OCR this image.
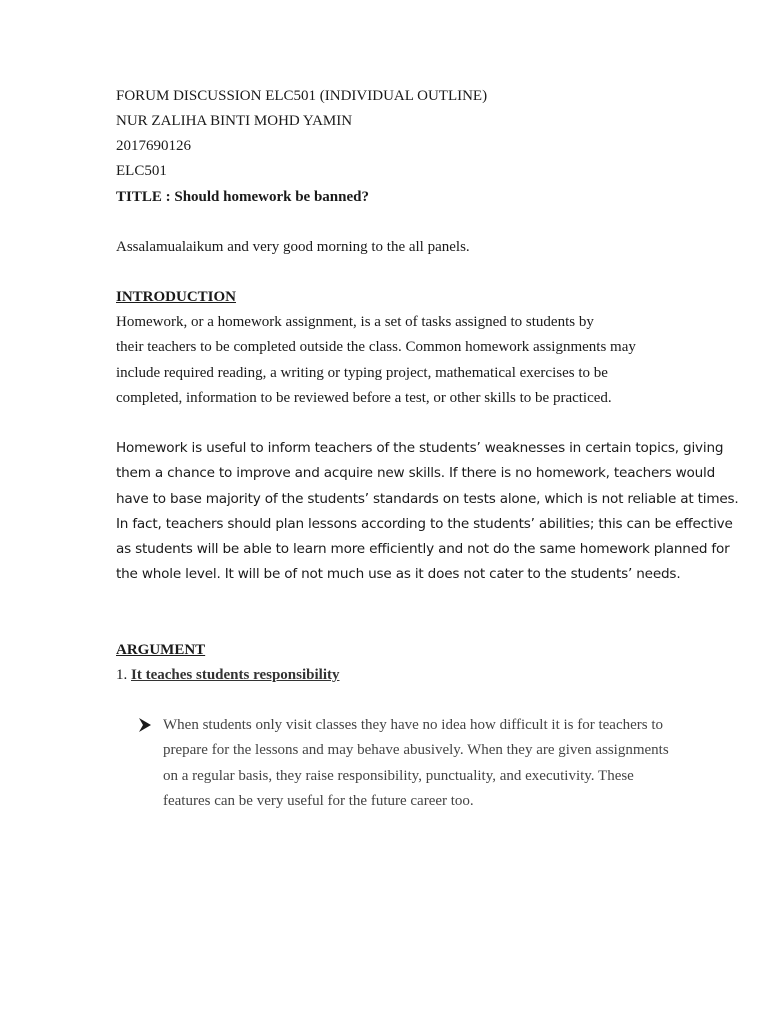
FORUM DISCUSSION ELC501 (INDIVIDUAL OUTLINE)
NUR ZALIHA BINTI MOHD YAMIN
2017690126
ELC501
TITLE : Should homework be banned?
Assalamualaikum and very good morning to the all panels.
INTRODUCTION
Homework, or a homework assignment, is a set of tasks assigned to students by
their teachers to be completed outside the class. Common homework assignments may
include required reading, a writing or typing project, mathematical exercises to be
completed, information to be reviewed before a test, or other skills to be practiced.
Homework is useful to inform teachers of the students’ weaknesses in certain topics, giving
them a chance to improve and acquire new skills. If there is no homework, teachers would
have to base majority of the students’ standards on tests alone, which is not reliable at times.
In fact, teachers should plan lessons according to the students’ abilities; this can be effective
as students will be able to learn more efficiently and not do the same homework planned for
the whole level. It will be of not much use as it does not cater to the students’ needs.
ARGUMENT
1. It teaches students responsibility
When students only visit classes they have no idea how difficult it is for teachers to
prepare for the lessons and may behave abusively. When they are given assignments
on a regular basis, they raise responsibility, punctuality, and executivity. These
features can be very useful for the future career too.
